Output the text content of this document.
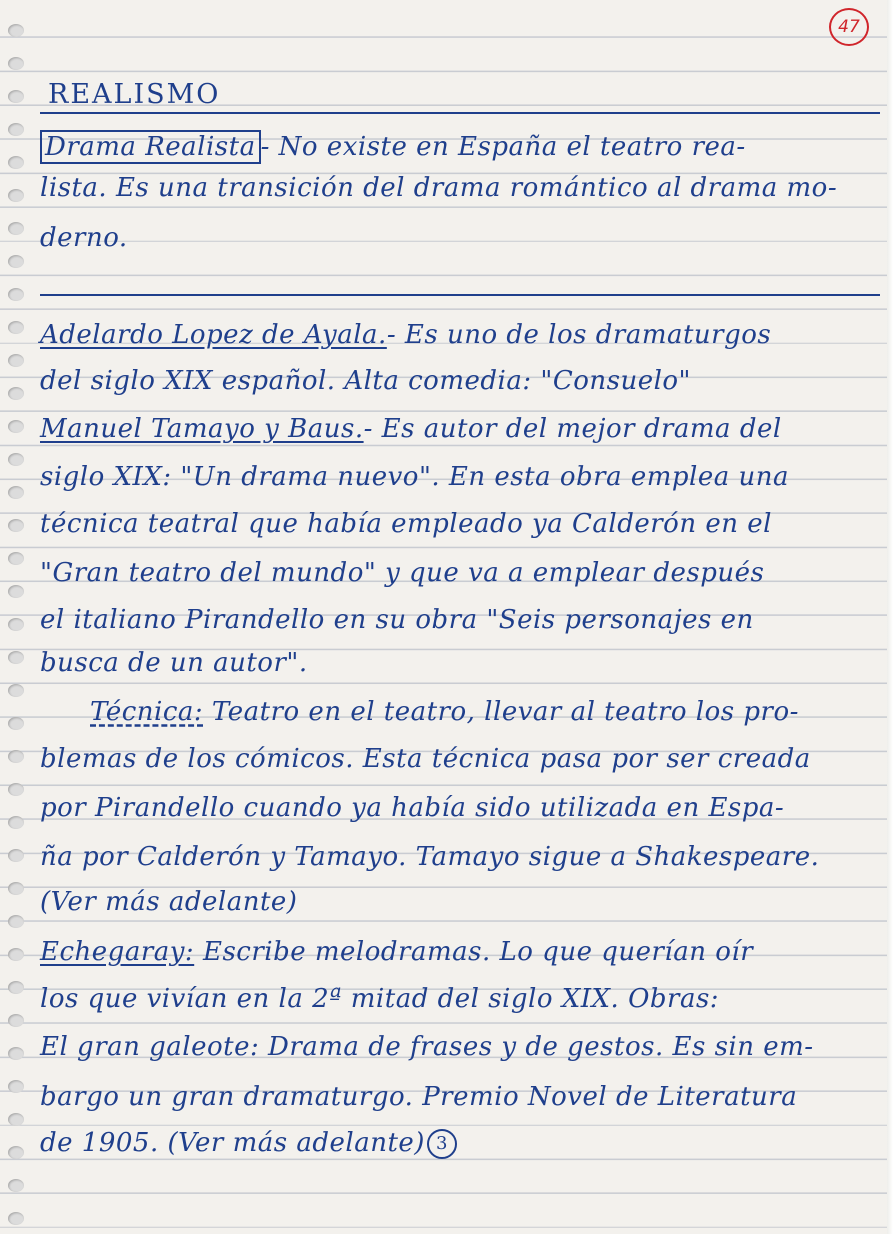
47
REALISMO
Drama Realista - No existe en España el teatro rea-
lista. Es una transición del drama romántico al drama mo-
derno.
Adelardo Lopez de Ayala.- Es uno de los dramaturgos
del siglo XIX español. Alta comedia: "Consuelo"
Manuel Tamayo y Baus.- Es autor del mejor drama del
siglo XIX: "Un drama nuevo". En esta obra emplea una
técnica teatral que había empleado ya Calderón en el
"Gran teatro del mundo" y que va a emplear después
el italiano Pirandello en su obra "Seis personajes en
busca de un autor".
Técnica: Teatro en el teatro, llevar al teatro los pro-
blemas de los cómicos. Esta técnica pasa por ser creada
por Pirandello cuando ya había sido utilizada en Espa-
ña por Calderón y Tamayo. Tamayo sigue a Shakespeare.
(Ver más adelante)
Echegaray: Escribe melodramas. Lo que querían oír
los que vivían en la 2ª mitad del siglo XIX. Obras:
El gran galeote: Drama de frases y de gestos. Es sin em-
bargo un gran dramaturgo. Premio Novel de Literatura
de 1905. (Ver más adelante) 3
